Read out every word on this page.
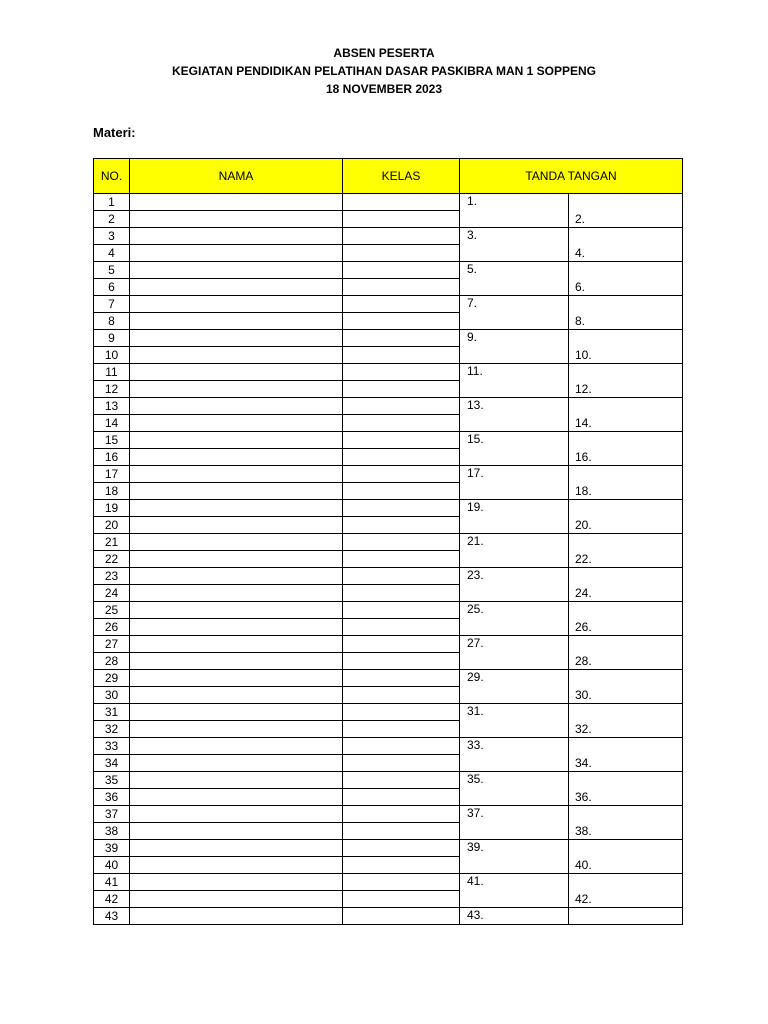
ABSEN PESERTA
KEGIATAN PENDIDIKAN PELATIHAN DASAR PASKIBRA MAN 1 SOPPENG
18 NOVEMBER 2023
Materi:
NO.	NAMA	KELAS	TANDA TANGAN	
1			1.	2.
2				
3			3.	4.
4				
5			5.	6.
6				
7			7.	8.
8				
9			9.	10.
10				
11			11.	12.
12				
13			13.	14.
14				
15			15.	16.
16				
17			17.	18.
18				
19			19.	20.
20				
21			21.	22.
22				
23			23.	24.
24				
25			25.	26.
26				
27			27.	28.
28				
29			29.	30.
30				
31			31.	32.
32				
33			33.	34.
34				
35			35.	36.
36				
37			37.	38.
38				
39			39.	40.
40				
41			41.	42.
42				
43			43.	
